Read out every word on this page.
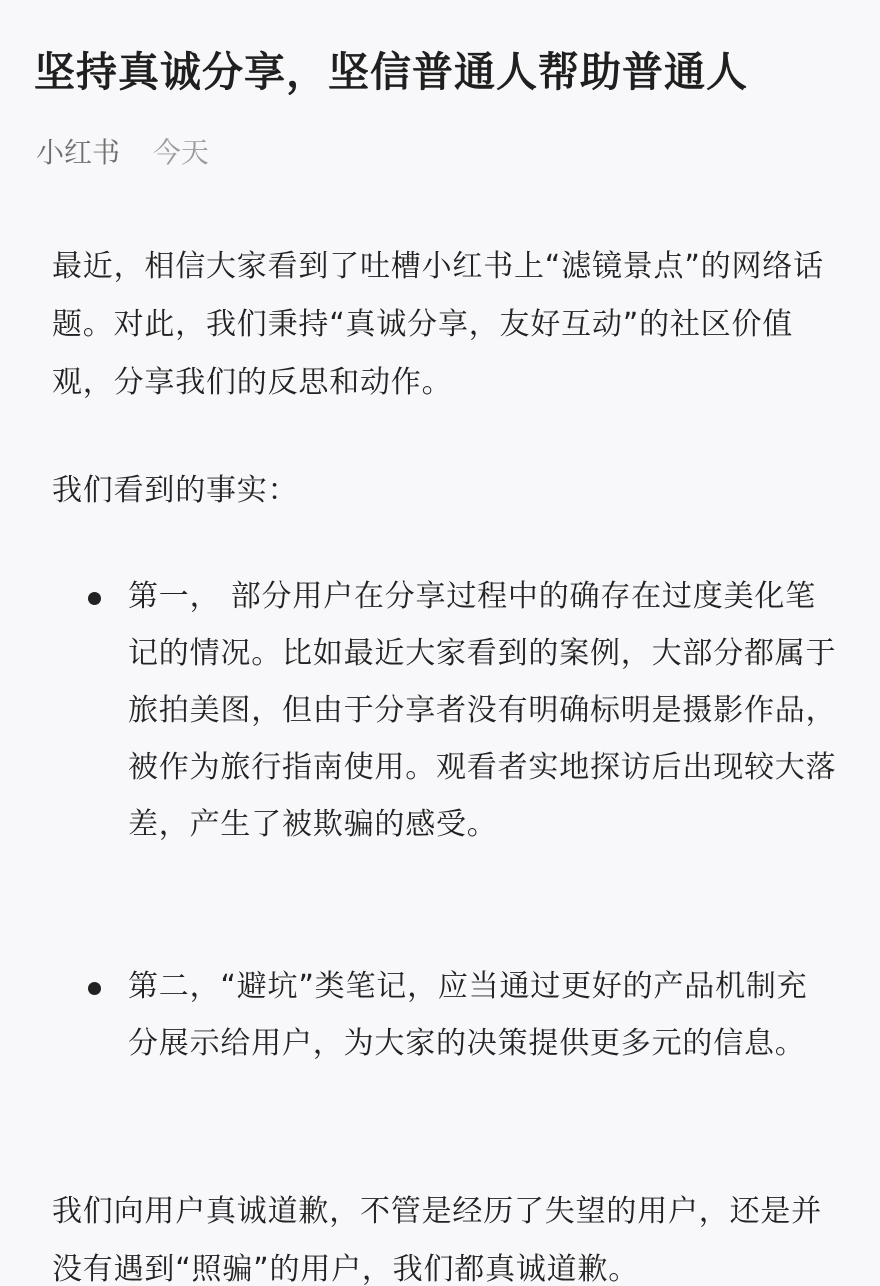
坚持真诚分享，坚信普通人帮助普通人
小红书 今天

最近，相信大家看到了吐槽小红书上“滤镜景点”的网络话题。对此，我们秉持“真诚分享，友好互动”的社区价值观，分享我们的反思和动作。

我们看到的事实：

第一， 部分用户在分享过程中的确存在过度美化笔记的情况。比如最近大家看到的案例，大部分都属于旅拍美图，但由于分享者没有明确标明是摄影作品，被作为旅行指南使用。观看者实地探访后出现较大落差，产生了被欺骗的感受。

第二，“避坑”类笔记，应当通过更好的产品机制充分展示给用户，为大家的决策提供更多元的信息。

我们向用户真诚道歉，不管是经历了失望的用户，还是并没有遇到“照骗”的用户，我们都真诚道歉。
